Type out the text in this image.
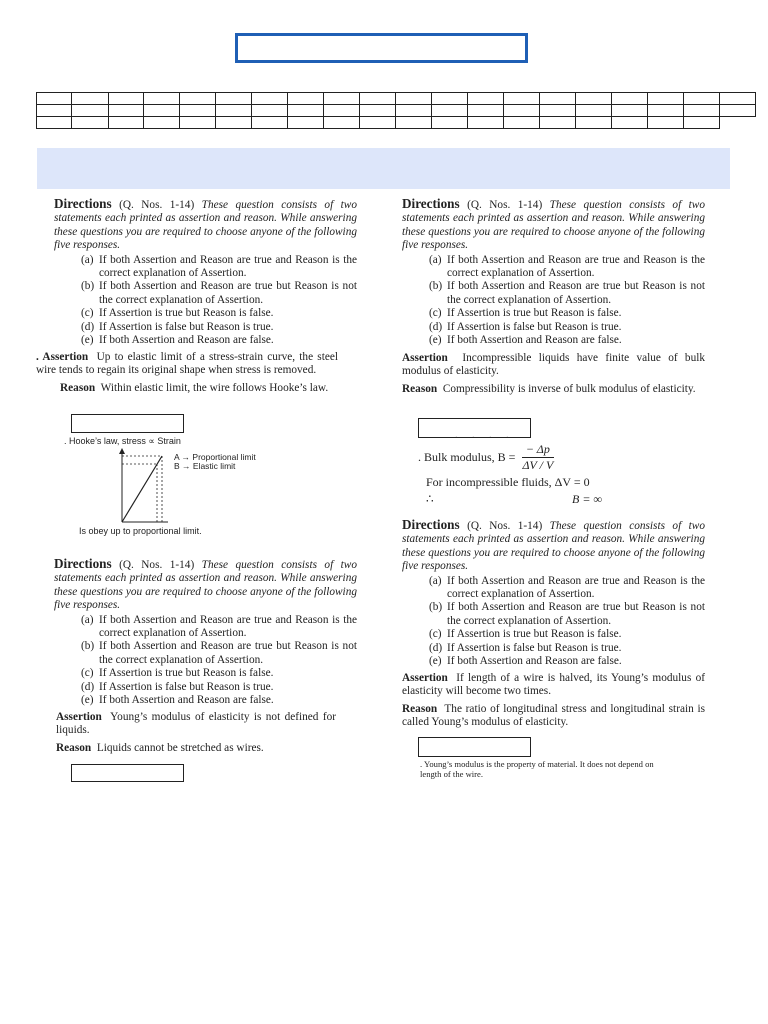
Directions (Q. Nos. 1-14) These question consists of two statements each printed as assertion and reason. While answering these questions you are required to choose anyone of the following five responses.

(a) If both Assertion and Reason are true and Reason is the correct explanation of Assertion.
(b) If both Assertion and Reason are true but Reason is not the correct explanation of Assertion.
(c) If Assertion is true but Reason is false.
(d) If Assertion is false but Reason is true.
(e) If both Assertion and Reason are false.

. Assertion Up to elastic limit of a stress-strain curve, the steel wire tends to regain its original shape when stress is removed.

Reason Within elastic limit, the wire follows Hooke’s law.

. Hooke’s law, stress ∝ Strain
A → Proportional limit
B → Elastic limit
Is obey up to proportional limit.

Directions (Q. Nos. 1-14) These question consists of two statements each printed as assertion and reason. While answering these questions you are required to choose anyone of the following five responses.

(a) If both Assertion and Reason are true and Reason is the correct explanation of Assertion.
(b) If both Assertion and Reason are true but Reason is not the correct explanation of Assertion.
(c) If Assertion is true but Reason is false.
(d) If Assertion is false but Reason is true.
(e) If both Assertion and Reason are false.

Assertion Young’s modulus of elasticity is not defined for liquids.

Reason Liquids cannot be stretched as wires.

Directions (Q. Nos. 1-14) These question consists of two statements each printed as assertion and reason. While answering these questions you are required to choose anyone of the following five responses.

(a) If both Assertion and Reason are true and Reason is the correct explanation of Assertion.
(b) If both Assertion and Reason are true but Reason is not the correct explanation of Assertion.
(c) If Assertion is true but Reason is false.
(d) If Assertion is false but Reason is true.
(e) If both Assertion and Reason are false.

Assertion Incompressible liquids have finite value of bulk modulus of elasticity.

Reason Compressibility is inverse of bulk modulus of elasticity.

. . . .
.
Bulk modulus, $B = \frac{- \Delta p}{\Delta V / V}$
For incompressible fluids, ΔV = 0
∴	B = ∞

Directions (Q. Nos. 1-14) These question consists of two statements each printed as assertion and reason. While answering these questions you are required to choose anyone of the following five responses.

(a) If both Assertion and Reason are true and Reason is the correct explanation of Assertion.
(b) If both Assertion and Reason are true but Reason is not the correct explanation of Assertion.
(c) If Assertion is true but Reason is false.
(d) If Assertion is false but Reason is true.
(e) If both Assertion and Reason are false.

Assertion If length of a wire is halved, its Young’s modulus of elasticity will become two times.

Reason The ratio of longitudinal stress and longitudinal strain is called Young’s modulus of elasticity.

. Young’s modulus is the property of material. It does not depend on length of the wire.
